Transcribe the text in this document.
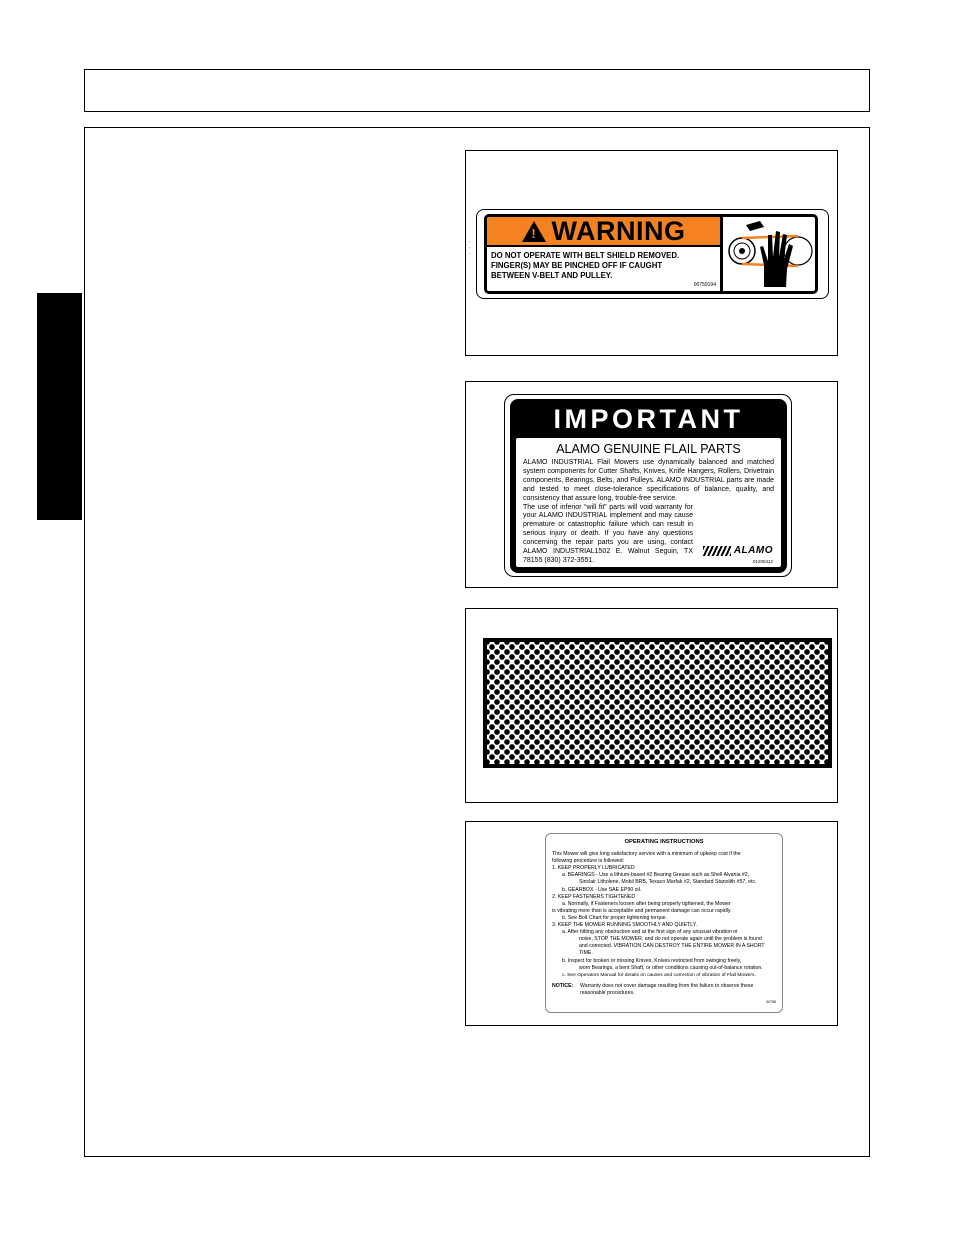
·
·
·
! WARNING
DO NOT OPERATE WITH BELT SHIELD REMOVED.
FINGER(S) MAY BE PINCHED OFF IF CAUGHT
BETWEEN V-BELT AND PULLEY.
00759194
IMPORTANT
ALAMO GENUINE FLAIL PARTS

ALAMO INDUSTRIAL Flail Mowers use dynamically balanced and matched system components for Cutter Shafts, Knives, Knife Hangers, Rollers, Drivetrain components, Bearings, Belts, and Pulleys. ALAMO INDUSTRIAL parts are made and tested to meet close-tolerance specifications of balance, quality, and consistency that assure long, trouble-free service.

The use of inferior “will fit” parts will void warranty for your ALAMO INDUSTRIAL implement and may cause premature or catastrophic failure which can result in serious injury or death. If you have any questions concerning the repair parts you are using, contact ALAMO INDUSTRIAL1502 E. Walnut Seguin, TX 78155 (830) 372-3551.

ALAMO
01205412
OPERATING INSTRUCTIONS
This Mower will give long satisfactory service with a minimum of upkeep cost if the
following procedure is followed:
1. KEEP PROPERLY LUBRICATED
a. BEARINGS - Use a lithium-based #2 Bearing Grease such as Shell Alvania #2,
Sinclair Litholene, Mobil BRB, Texaco Marfak #2, Standard Stanolith #57, etc.
b. GEARBOX - Use SAE EP90 oil.
2. KEEP FASTENERS TIGHTENED
a. Normally, if Fasteners loosen after being properly tightened, the Mower
is vibrating more than is acceptable and permanent damage can occur rapidly.
b. See Bolt Chart for proper tightening torque.
3. KEEP THE MOWER RUNNING SMOOTHLY AND QUIETLY.
a. After hitting any obstruction and at the first sign of any unusual vibration or
noise, STOP THE MOWER, and do not operate again until the problem is found
and corrected. VIBRATION CAN DESTROY THE ENTIRE MOWER IN A SHORT
TIME.
b. Inspect for broken or missing Knives, Knives restricted from swinging freely,
worn Bearings, a bent Shaft, or other conditions causing out-of-balance rotation.
c. See Operators Manual for details on causes and correction of vibration of Flail Mowers.
NOTICE:	Warranty does not cover damage resulting from the failure to observe these
reasonable procedures.
00758
